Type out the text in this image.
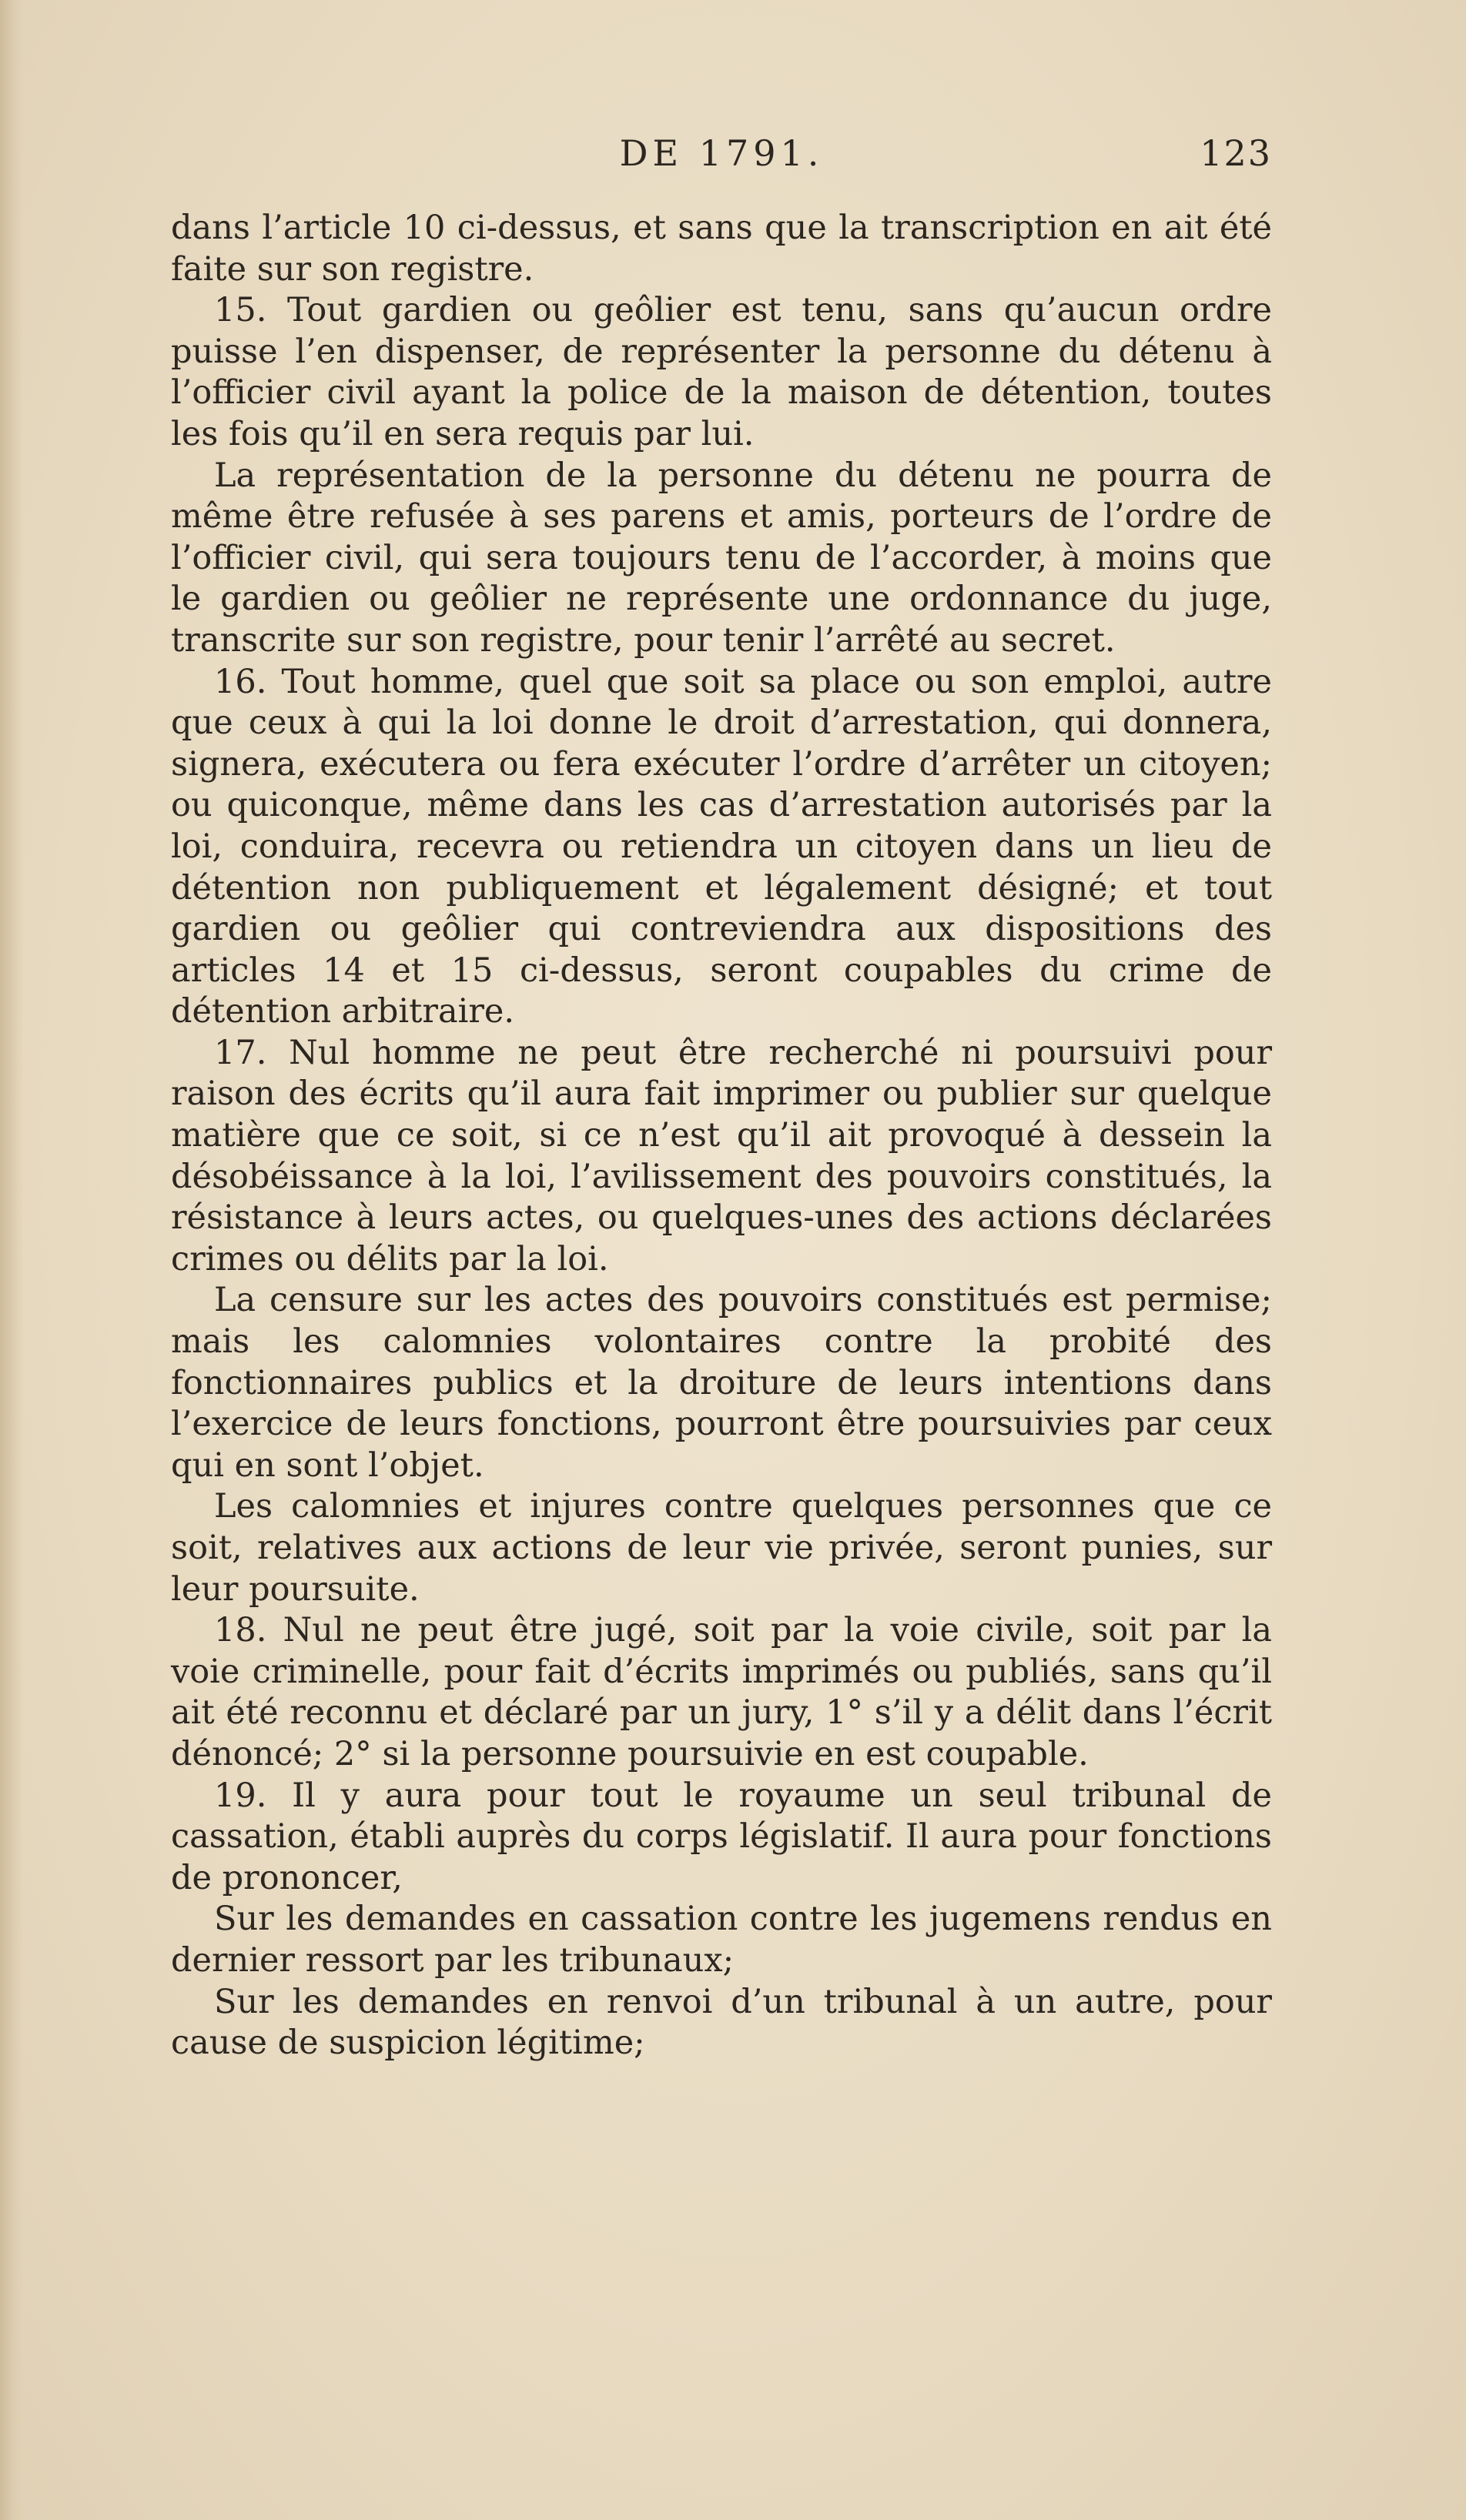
DE 1791.	123

dans l’article 10 ci-dessus, et sans que la transcription en ait été faite sur son registre.

15. Tout gardien ou geôlier est tenu, sans qu’aucun ordre puisse l’en dispenser, de représenter la personne du détenu à l’officier civil ayant la police de la maison de détention, toutes les fois qu’il en sera requis par lui.

La représentation de la personne du détenu ne pourra de même être refusée à ses parens et amis, porteurs de l’ordre de l’officier civil, qui sera toujours tenu de l’accorder, à moins que le gardien ou geôlier ne représente une ordonnance du juge, transcrite sur son registre, pour tenir l’arrêté au secret.

16. Tout homme, quel que soit sa place ou son emploi, autre que ceux à qui la loi donne le droit d’arrestation, qui donnera, signera, exécutera ou fera exécuter l’ordre d’arrêter un citoyen; ou quiconque, même dans les cas d’arrestation autorisés par la loi, conduira, recevra ou retiendra un citoyen dans un lieu de détention non publiquement et légalement désigné; et tout gardien ou geôlier qui contreviendra aux dispositions des articles 14 et 15 ci-dessus, seront coupables du crime de détention arbitraire.

17. Nul homme ne peut être recherché ni poursuivi pour raison des écrits qu’il aura fait imprimer ou publier sur quelque matière que ce soit, si ce n’est qu’il ait provoqué à dessein la désobéissance à la loi, l’avilissement des pouvoirs constitués, la résistance à leurs actes, ou quelques-unes des actions déclarées crimes ou délits par la loi.

La censure sur les actes des pouvoirs constitués est permise; mais les calomnies volontaires contre la probité des fonctionnaires publics et la droiture de leurs intentions dans l’exercice de leurs fonctions, pourront être poursuivies par ceux qui en sont l’objet.

Les calomnies et injures contre quelques personnes que ce soit, relatives aux actions de leur vie privée, seront punies, sur leur poursuite.

18. Nul ne peut être jugé, soit par la voie civile, soit par la voie criminelle, pour fait d’écrits imprimés ou publiés, sans qu’il ait été reconnu et déclaré par un jury, 1° s’il y a délit dans l’écrit dénoncé; 2° si la personne poursuivie en est coupable.

19. Il y aura pour tout le royaume un seul tribunal de cassation, établi auprès du corps législatif. Il aura pour fonctions de prononcer,

Sur les demandes en cassation contre les jugemens rendus en dernier ressort par les tribunaux;

Sur les demandes en renvoi d’un tribunal à un autre, pour cause de suspicion légitime;
